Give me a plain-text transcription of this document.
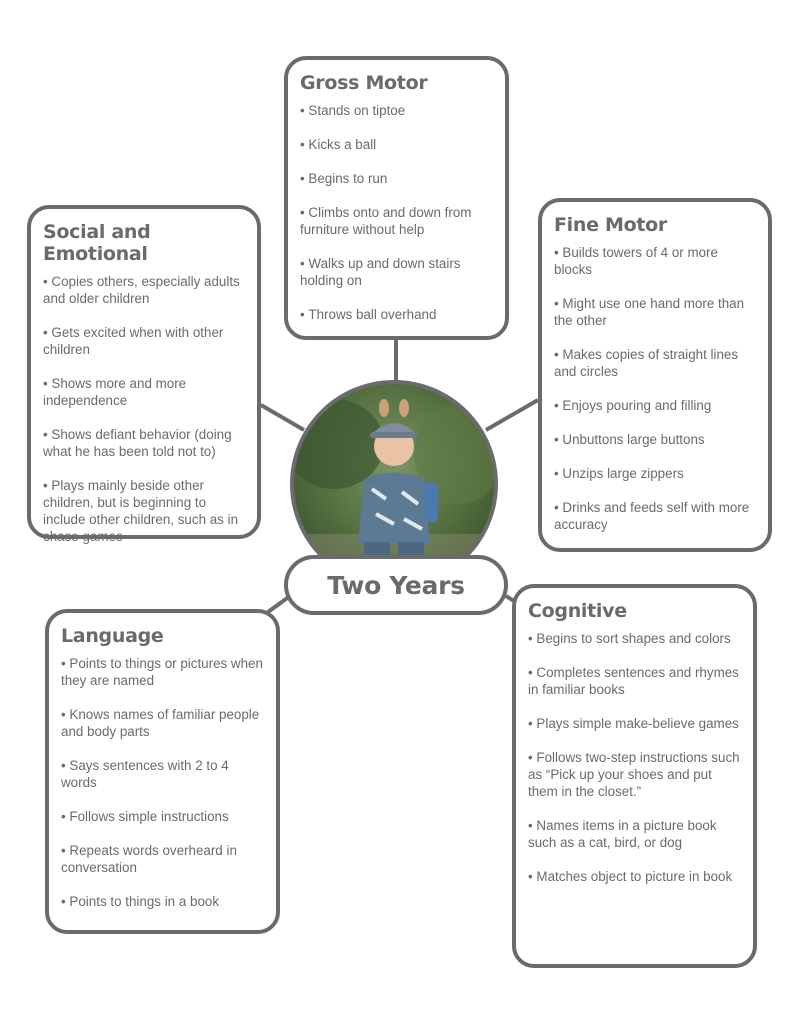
Gross Motor
• Stands on tiptoe
• Kicks a ball
• Begins to run
• Climbs onto and down from furniture without help
• Walks up and down stairs holding on
• Throws ball overhand
Social and Emotional
• Copies others, especially adults and older children
• Gets excited when with other children
• Shows more and more independence
• Shows defiant behavior (doing what he has been told not to)
• Plays mainly beside other children, but is beginning to include other children, such as in chase games
Fine Motor
• Builds towers of 4 or more blocks
• Might use one hand more than the other
• Makes copies of straight lines and circles
• Enjoys pouring and filling
• Unbuttons large buttons
• Unzips large zippers
• Drinks and feeds self with more accuracy
Two Years
Language
• Points to things or pictures when they are named
• Knows names of familiar people and body parts
• Says sentences with 2 to 4 words
• Follows simple instructions
• Repeats words overheard in conversation
• Points to things in a book
Cognitive
• Begins to sort shapes and colors
• Completes sentences and rhymes in familiar books
• Plays simple make-believe games
• Follows two-step instructions such as “Pick up your shoes and put them in the closet.”
• Names items in a picture book such as a cat, bird, or dog
• Matches object to picture in book
